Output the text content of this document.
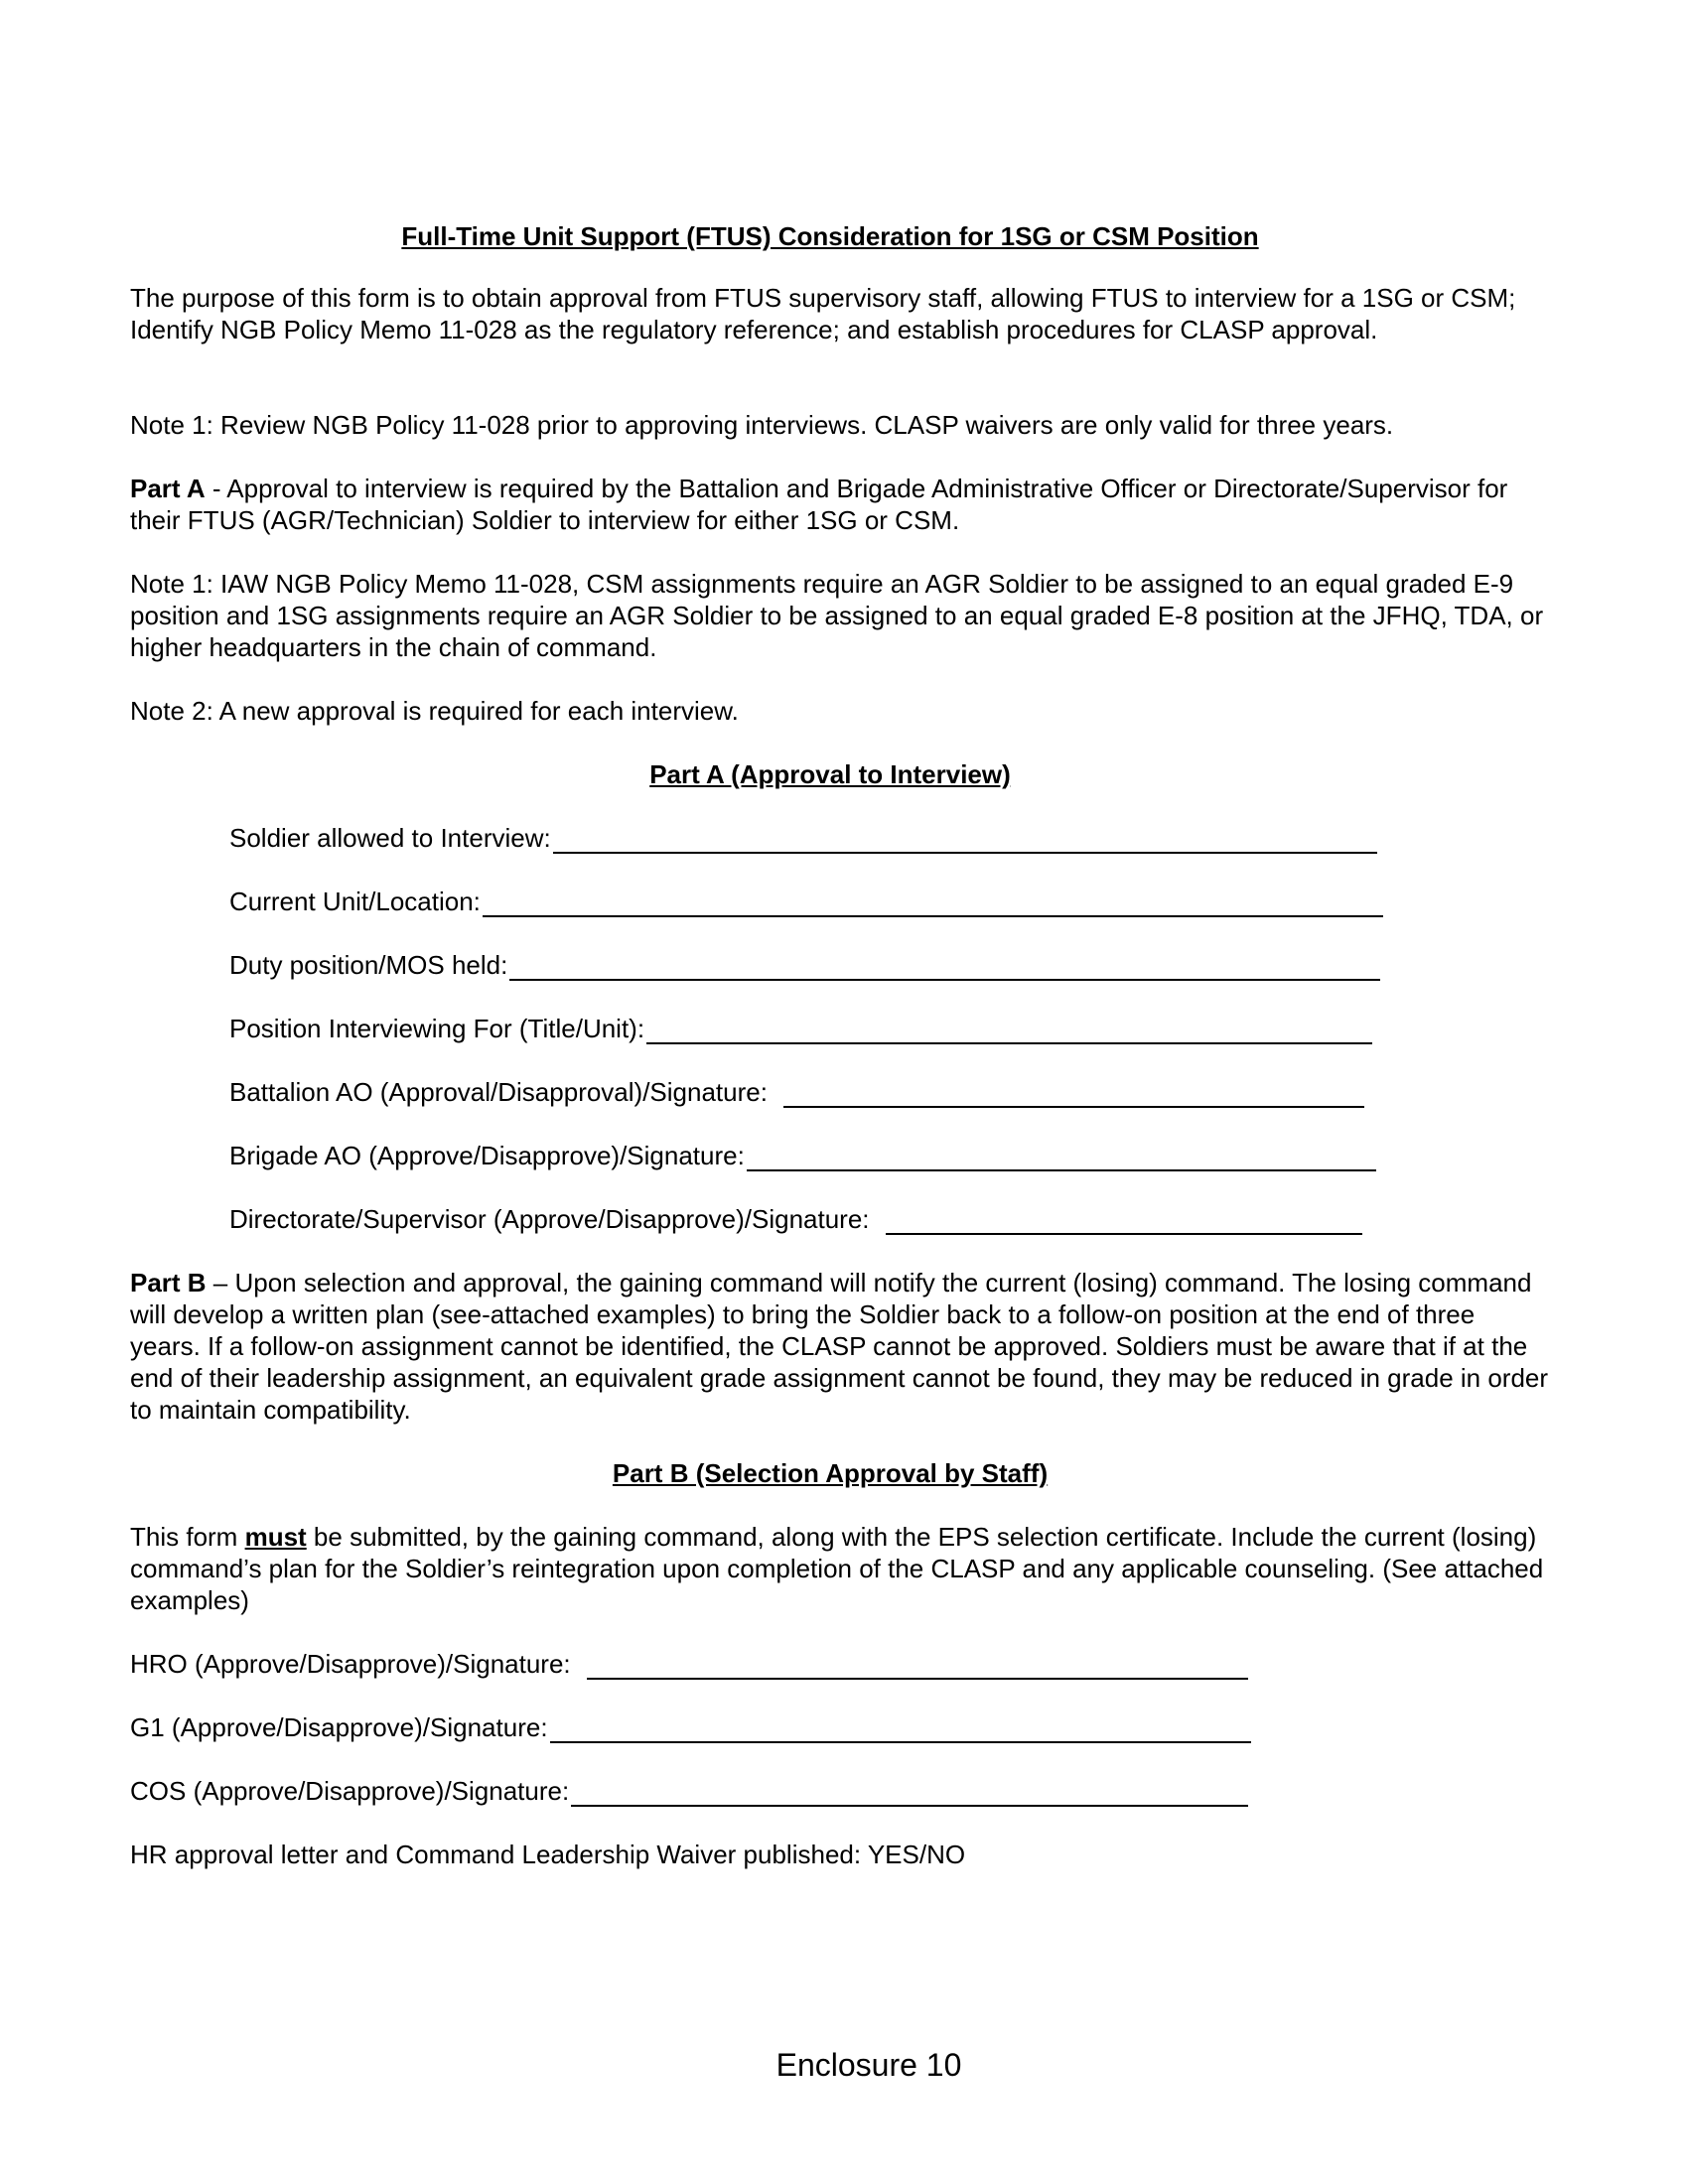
Full-Time Unit Support (FTUS) Consideration for 1SG or CSM Position

The purpose of this form is to obtain approval from FTUS supervisory staff, allowing FTUS to interview for a 1SG or CSM; Identify NGB Policy Memo 11-028 as the regulatory reference; and establish procedures for CLASP approval.

Note 1: Review NGB Policy 11-028 prior to approving interviews. CLASP waivers are only valid for three years.

Part A - Approval to interview is required by the Battalion and Brigade Administrative Officer or Directorate/Supervisor for their FTUS (AGR/Technician) Soldier to interview for either 1SG or CSM.

Note 1: IAW NGB Policy Memo 11-028, CSM assignments require an AGR Soldier to be assigned to an equal graded E-9 position and 1SG assignments require an AGR Soldier to be assigned to an equal graded E-8 position at the JFHQ, TDA, or higher headquarters in the chain of command.

Note 2: A new approval is required for each interview.

Part A (Approval to Interview)
Soldier allowed to Interview:
Current Unit/Location:
Duty position/MOS held:
Position Interviewing For (Title/Unit):
Battalion AO (Approval/Disapproval)/Signature:
Brigade AO (Approve/Disapprove)/Signature:
Directorate/Supervisor (Approve/Disapprove)/Signature:

Part B – Upon selection and approval, the gaining command will notify the current (losing) command. The losing command will develop a written plan (see-attached examples) to bring the Soldier back to a follow-on position at the end of three years. If a follow-on assignment cannot be identified, the CLASP cannot be approved. Soldiers must be aware that if at the end of their leadership assignment, an equivalent grade assignment cannot be found, they may be reduced in grade in order to maintain compatibility.

Part B (Selection Approval by Staff)

This form must be submitted, by the gaining command, along with the EPS selection certificate. Include the current (losing) command’s plan for the Soldier’s reintegration upon completion of the CLASP and any applicable counseling. (See attached examples)

HRO (Approve/Disapprove)/Signature:
G1 (Approve/Disapprove)/Signature:
COS (Approve/Disapprove)/Signature:

HR approval letter and Command Leadership Waiver published: YES/NO

Enclosure 10
